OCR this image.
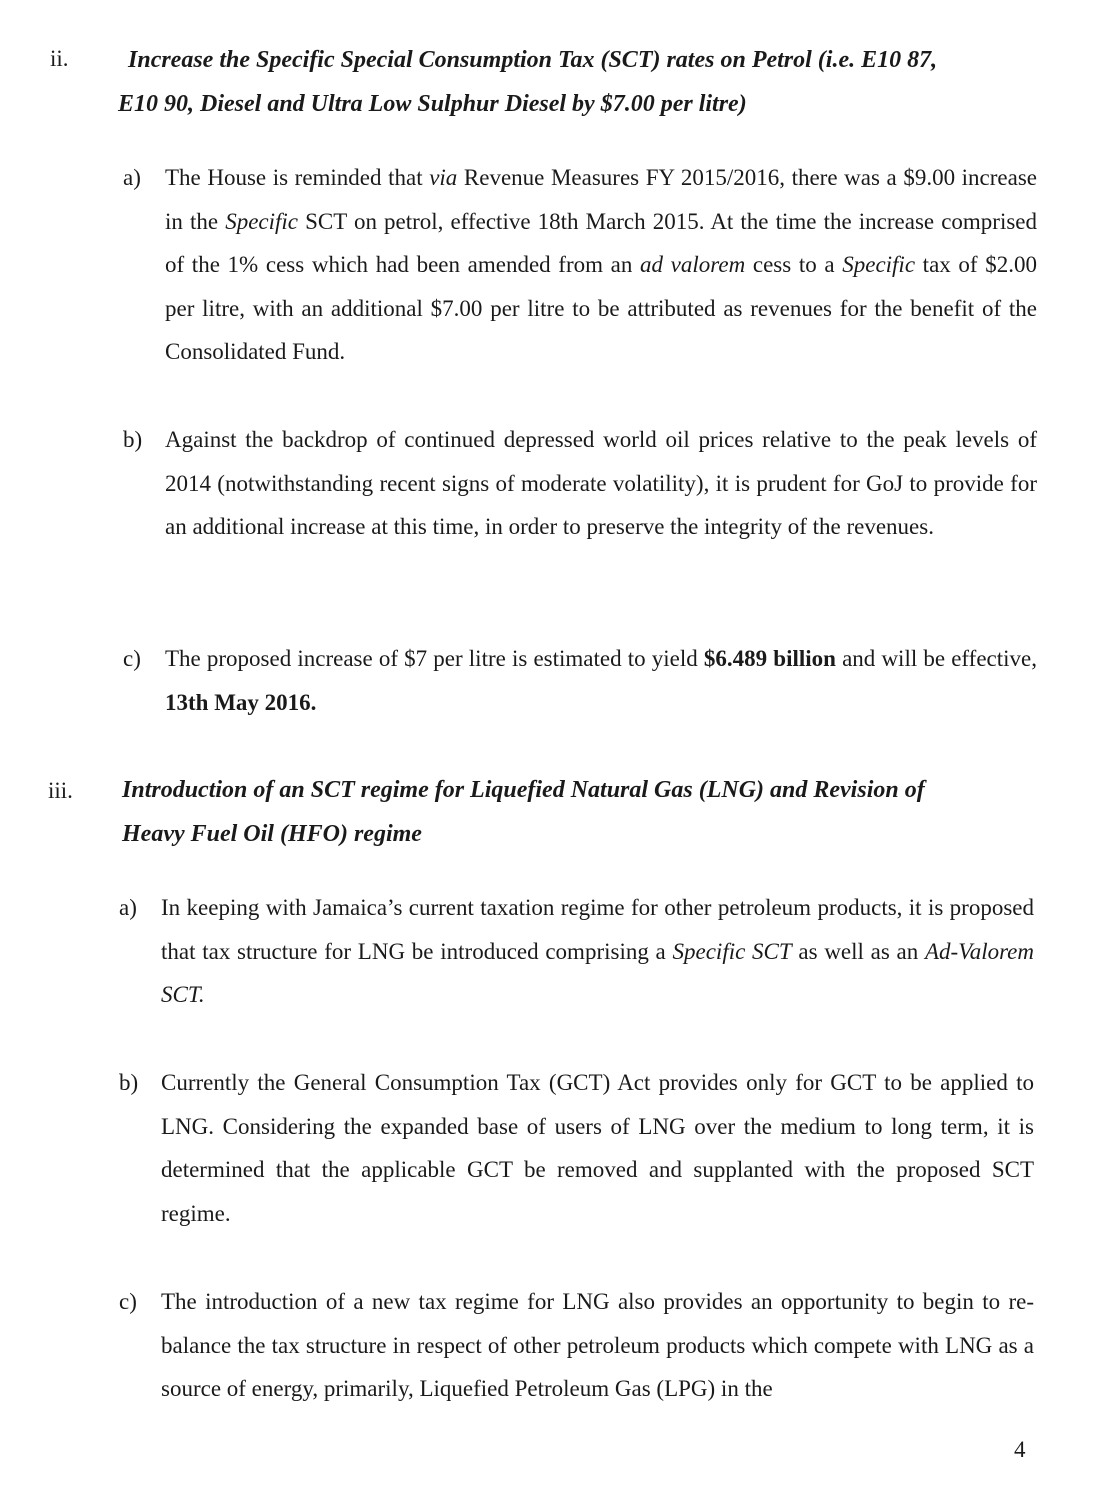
ii. Increase the Specific Special Consumption Tax (SCT) rates on Petrol (i.e. E10 87,
E10 90, Diesel and Ultra Low Sulphur Diesel by $7.00 per litre)
a) The House is reminded that via Revenue Measures FY 2015/2016, there was a $9.00 increase in the Specific SCT on petrol, effective 18th March 2015. At the time the increase comprised of the 1% cess which had been amended from an ad valorem cess to a Specific tax of $2.00 per litre, with an additional $7.00 per litre to be attributed as revenues for the benefit of the Consolidated Fund.

b) Against the backdrop of continued depressed world oil prices relative to the peak levels of 2014 (notwithstanding recent signs of moderate volatility), it is prudent for GoJ to provide for an additional increase at this time, in order to preserve the integrity of the revenues.

c) The proposed increase of $7 per litre is estimated to yield $6.489 billion and will be effective, 13th May 2016.

iii. Introduction of an SCT regime for Liquefied Natural Gas (LNG) and Revision of
Heavy Fuel Oil (HFO) regime
a) In keeping with Jamaica’s current taxation regime for other petroleum products, it is proposed that tax structure for LNG be introduced comprising a Specific SCT as well as an Ad-Valorem SCT.

b) Currently the General Consumption Tax (GCT) Act provides only for GCT to be applied to LNG. Considering the expanded base of users of LNG over the medium to long term, it is determined that the applicable GCT be removed and supplanted with the proposed SCT regime.

c) The introduction of a new tax regime for LNG also provides an opportunity to begin to re-balance the tax structure in respect of other petroleum products which compete with LNG as a source of energy, primarily, Liquefied Petroleum Gas (LPG) in the

4
